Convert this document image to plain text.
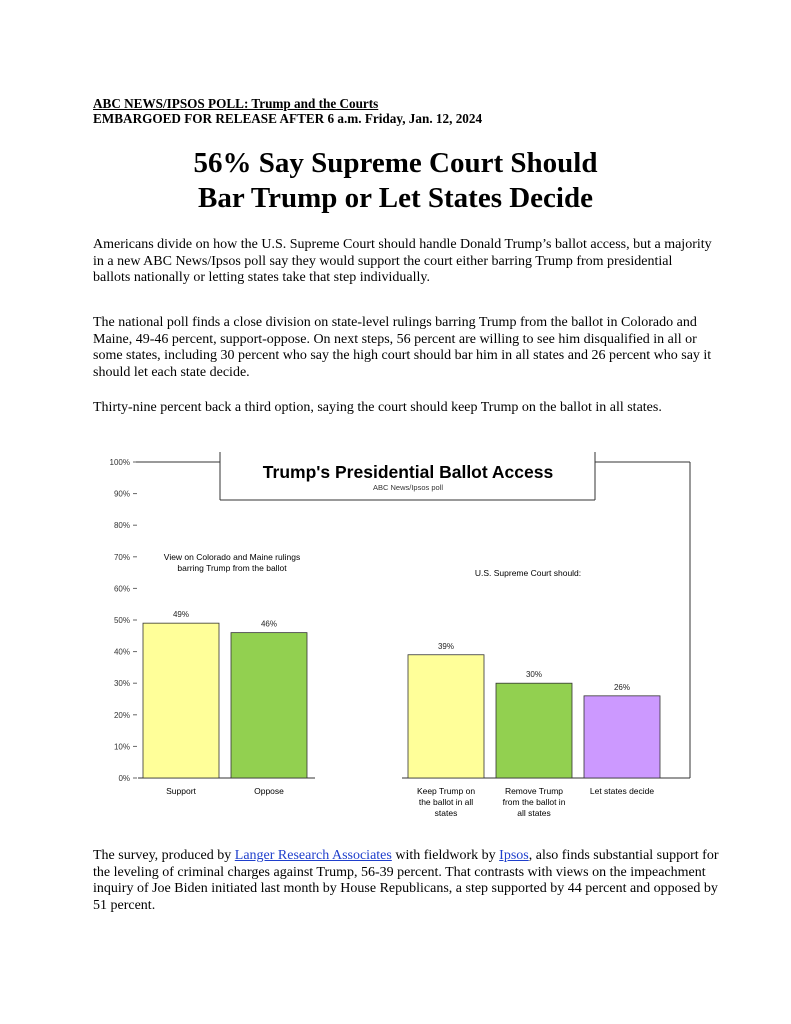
ABC NEWS/IPSOS POLL: Trump and the Courts
EMBARGOED FOR RELEASE AFTER 6 a.m. Friday, Jan. 12, 2024
56% Say Supreme Court Should
Bar Trump or Let States Decide

Americans divide on how the U.S. Supreme Court should handle Donald Trump’s ballot access, but a majority in a new ABC News/Ipsos poll say they would support the court either barring Trump from presidential ballots nationally or letting states take that step individually.

The national poll finds a close division on state-level rulings barring Trump from the ballot in Colorado and Maine, 49-46 percent, support-oppose. On next steps, 56 percent are willing to see him disqualified in all or some states, including 30 percent who say the high court should bar him in all states and 26 percent who say it should let each state decide.

Thirty-nine percent back a third option, saying the court should keep Trump on the ballot in all states.

0%
10%
20%
30%
40%
50%
60%
70%
80%
90%
100%	Trump's Presidential Ballot Access
ABC News/Ipsos poll
View on Colorado and Maine rulings barring Trump from the ballot
49%
Support
46%
Oppose
U.S. Supreme Court should:
39%
Keep Trump on the ballot in all states
30%
Remove Trump from the ballot in all states
26%
Let states decide

The survey, produced by Langer Research Associates with fieldwork by Ipsos, also finds substantial support for the leveling of criminal charges against Trump, 56-39 percent. That contrasts with views on the impeachment inquiry of Joe Biden initiated last month by House Republicans, a step supported by 44 percent and opposed by 51 percent.
